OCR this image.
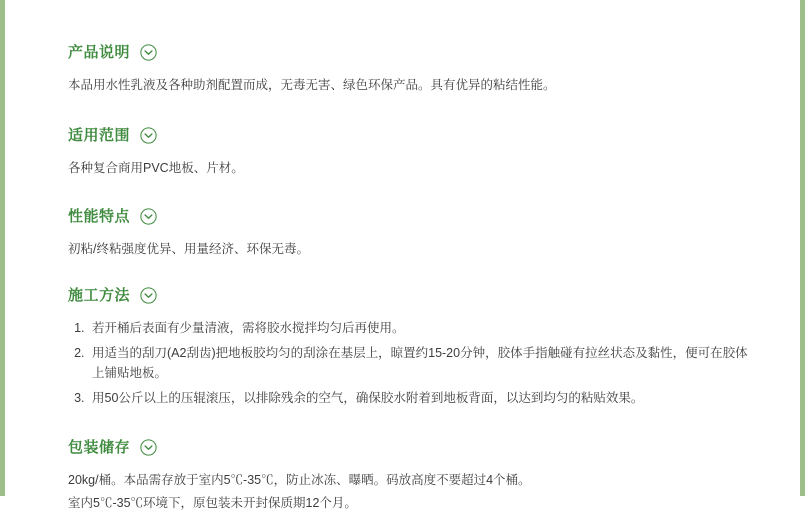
产品说明

本品用水性乳液及各种助剂配置而成，无毒无害、绿色环保产品。具有优异的粘结性能。

适用范围

各种复合商用PVC地板、片材。

性能特点

初粘/终粘强度优异、用量经济、环保无毒。

施工方法
1. 若开桶后表面有少量清液，需将胶水搅拌均匀后再使用。
2. 用适当的刮刀(A2刮齿)把地板胶均匀的刮涂在基层上，晾置约15-20分钟，胶体手指触碰有拉丝状态及黏性，便可在胶体上铺贴地板。
3. 用50公斤以上的压辊滚压，以排除残余的空气，确保胶水附着到地板背面，以达到均匀的粘贴效果。
包装储存

20kg/桶。本品需存放于室内5℃-35℃，防止冰冻、曝晒。码放高度不要超过4个桶。

室内5℃-35℃环境下，原包装未开封保质期12个月。
